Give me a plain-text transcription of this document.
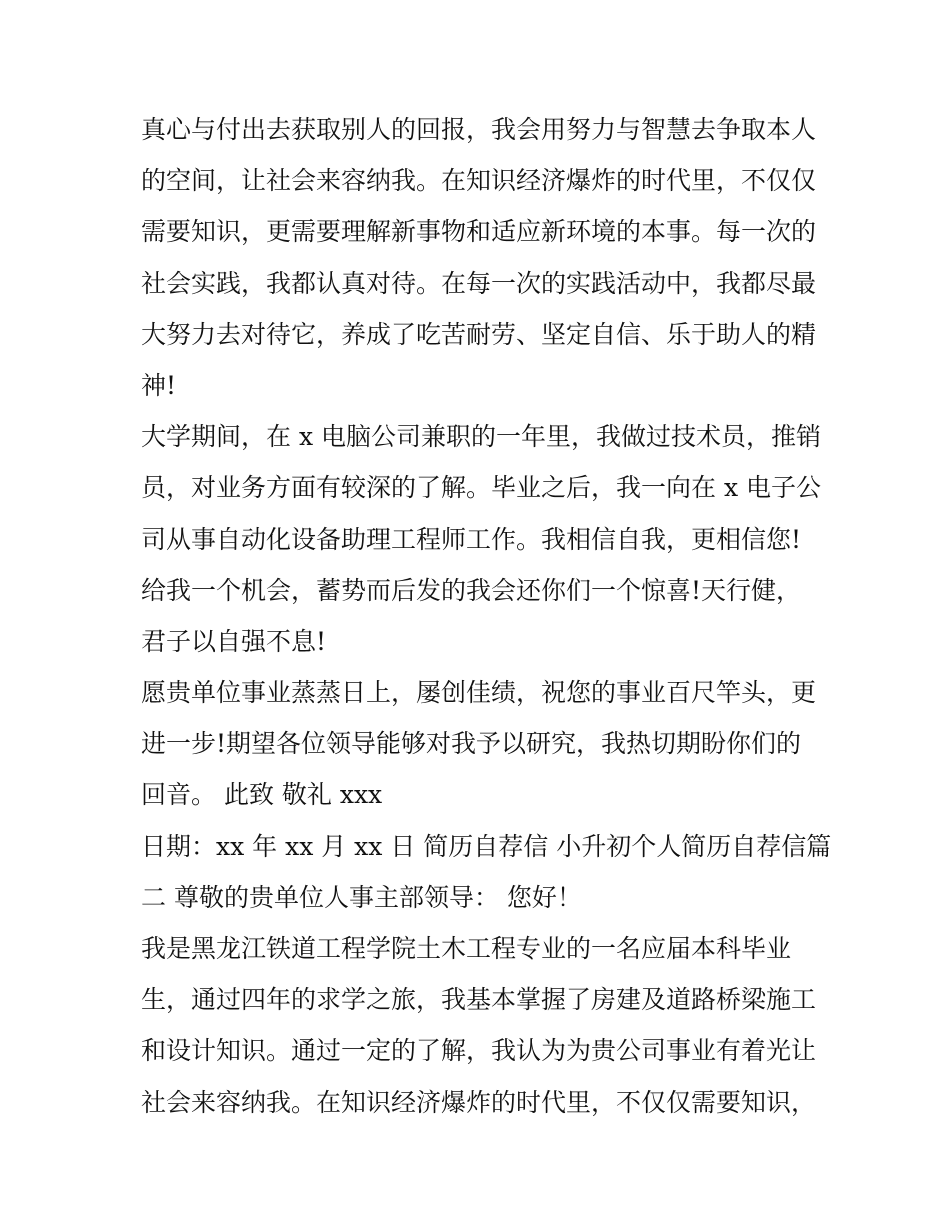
真心与付出去获取别人的回报，我会用努力与智慧去争取本人
的空间，让社会来容纳我。在知识经济爆炸的时代里，不仅仅
需要知识，更需要理解新事物和适应新环境的本事。每一次的
社会实践，我都认真对待。在每一次的实践活动中，我都尽最
大努力去对待它，养成了吃苦耐劳、坚定自信、乐于助人的精
神!
大学期间，在 x 电脑公司兼职的一年里，我做过技术员，推销
员，对业务方面有较深的了解。毕业之后，我一向在 x 电子公
司从事自动化设备助理工程师工作。我相信自我，更相信您!
给我一个机会，蓄势而后发的我会还你们一个惊喜!天行健，
君子以自强不息!
愿贵单位事业蒸蒸日上，屡创佳绩，祝您的事业百尺竿头，更
进一步!期望各位领导能够对我予以研究，我热切期盼你们的
回音。 此致 敬礼 xxx
日期：xx 年 xx 月 xx 日 简历自荐信 小升初个人简历自荐信篇
二 尊敬的贵单位人事主部领导： 您好！
我是黑龙江铁道工程学院土木工程专业的一名应届本科毕业
生，通过四年的求学之旅，我基本掌握了房建及道路桥梁施工
和设计知识。通过一定的了解，我认为为贵公司事业有着光让
社会来容纳我。在知识经济爆炸的时代里，不仅仅需要知识，
